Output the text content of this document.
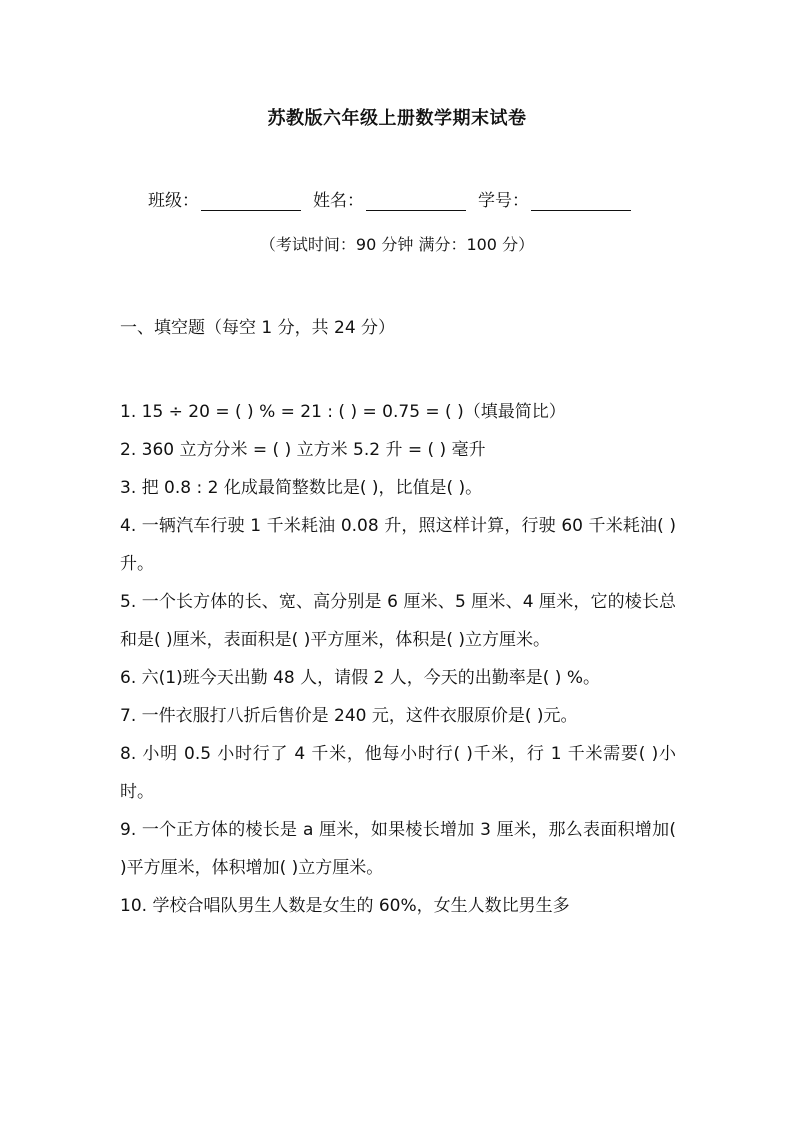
苏教版六年级上册数学期末试卷
班级：	姓名：	学号：
（考试时间：90 分钟 满分：100 分）
一、填空题（每空 1 分，共 24 分）

1. 15 ÷ 20 = ( ) % = 21 : ( ) = 0.75 = ( )（填最简比）

2. 360 立方分米 = ( ) 立方米 5.2 升 = ( ) 毫升

3. 把 0.8 : 2 化成最简整数比是( )，比值是( )。

4. 一辆汽车行驶 1 千米耗油 0.08 升，照这样计算，行驶 60 千米耗油( )升。

5. 一个长方体的长、宽、高分别是 6 厘米、5 厘米、4 厘米，它的棱长总和是( )厘米，表面积是( )平方厘米，体积是( )立方厘米。

6. 六(1)班今天出勤 48 人，请假 2 人，今天的出勤率是( ) %。

7. 一件衣服打八折后售价是 240 元，这件衣服原价是( )元。

8. 小明 0.5 小时行了 4 千米，他每小时行( )千米，行 1 千米需要( )小时。

9. 一个正方体的棱长是 a 厘米，如果棱长增加 3 厘米，那么表面积增加( )平方厘米，体积增加( )立方厘米。

10. 学校合唱队男生人数是女生的 60%，女生人数比男生多
